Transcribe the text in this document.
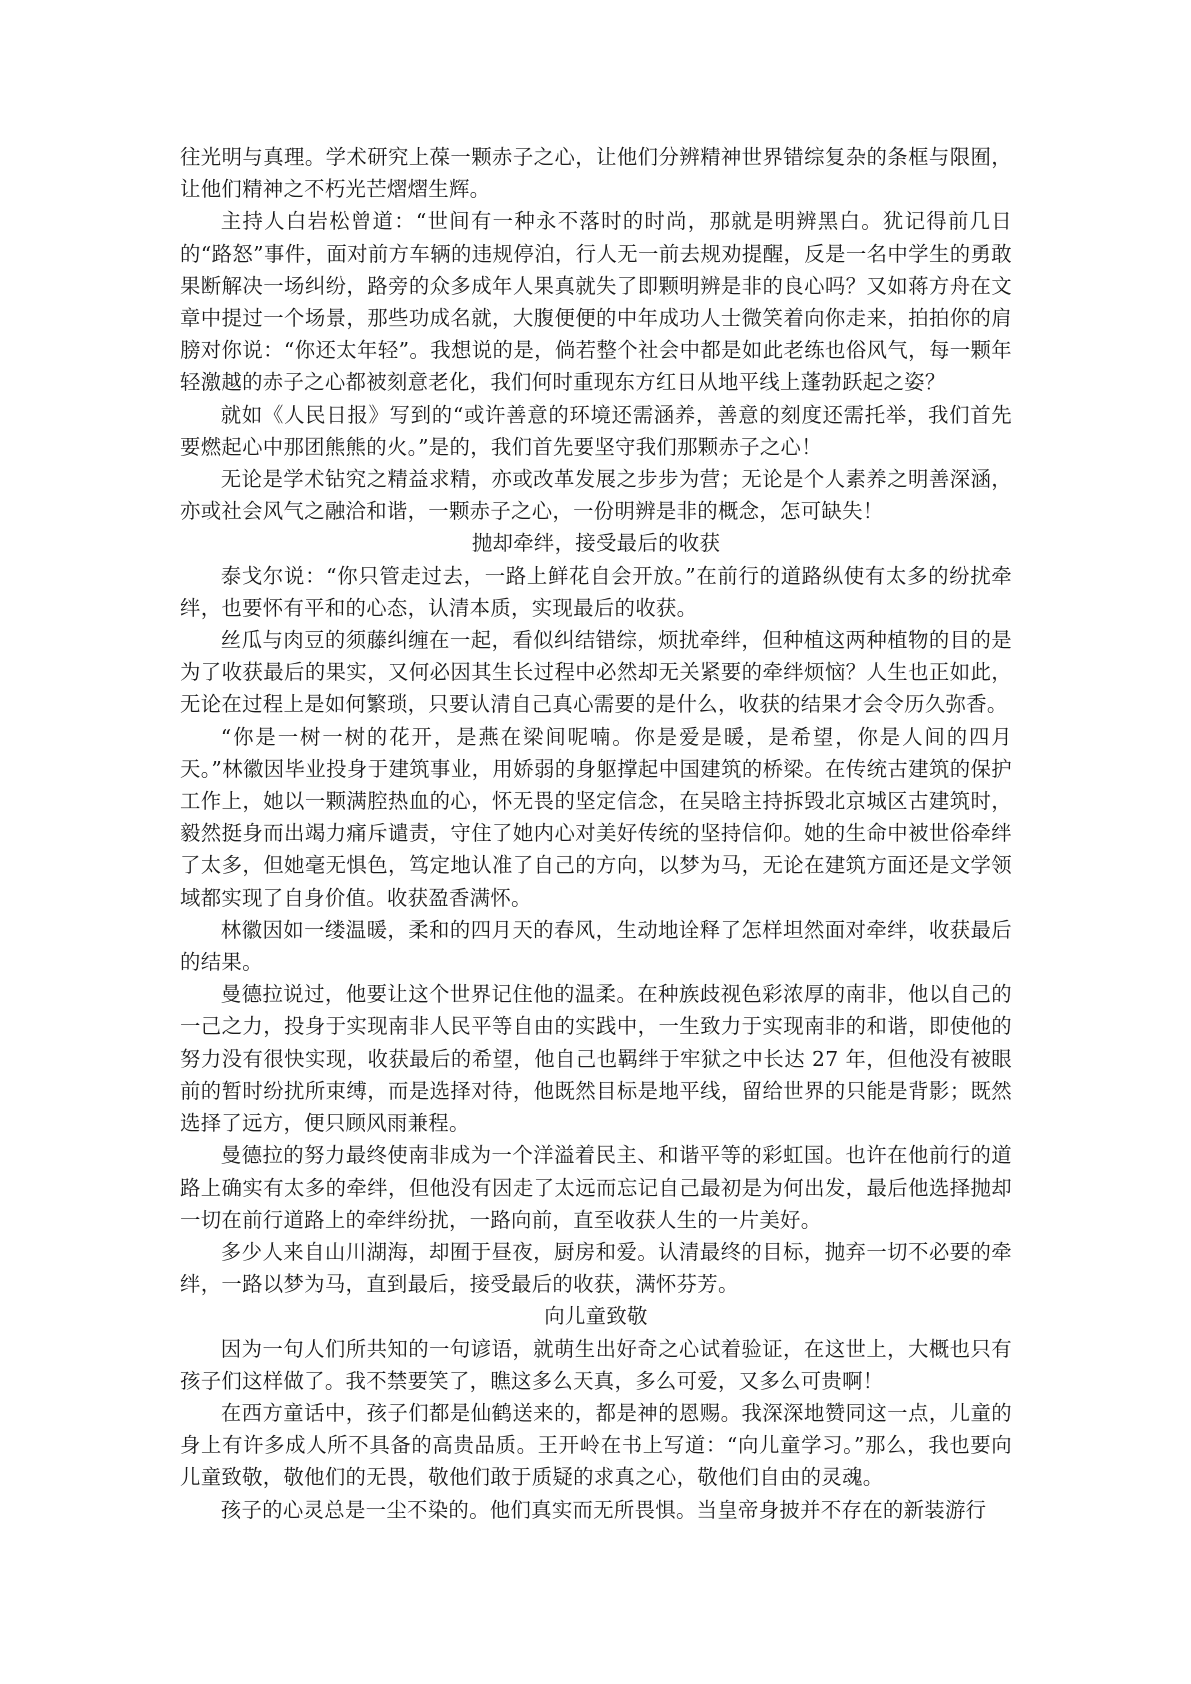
往光明与真理。学术研究上葆一颗赤子之心，让他们分辨精神世界错综复杂的条框与限囿，让他们精神之不朽光芒熠熠生辉。

主持人白岩松曾道：“世间有一种永不落时的时尚，那就是明辨黑白。犹记得前几日的“路怒”事件，面对前方车辆的违规停泊，行人无一前去规劝提醒，反是一名中学生的勇敢果断解决一场纠纷，路旁的众多成年人果真就失了即颗明辨是非的良心吗？又如蒋方舟在文章中提过一个场景，那些功成名就，大腹便便的中年成功人士微笑着向你走来，拍拍你的肩膀对你说：“你还太年轻”。我想说的是，倘若整个社会中都是如此老练也俗风气，每一颗年轻激越的赤子之心都被刻意老化，我们何时重现东方红日从地平线上蓬勃跃起之姿？

就如《人民日报》写到的“或许善意的环境还需涵养，善意的刻度还需托举，我们首先要燃起心中那团熊熊的火。”是的，我们首先要坚守我们那颗赤子之心！

无论是学术钻究之精益求精，亦或改革发展之步步为营；无论是个人素养之明善深涵，亦或社会风气之融洽和谐，一颗赤子之心，一份明辨是非的概念，怎可缺失！

抛却牵绊，接受最后的收获

泰戈尔说：“你只管走过去，一路上鲜花自会开放。”在前行的道路纵使有太多的纷扰牵绊，也要怀有平和的心态，认清本质，实现最后的收获。

丝瓜与肉豆的须藤纠缠在一起，看似纠结错综，烦扰牵绊，但种植这两种植物的目的是为了收获最后的果实，又何必因其生长过程中必然却无关紧要的牵绊烦恼？人生也正如此，无论在过程上是如何繁琐，只要认清自己真心需要的是什么，收获的结果才会令历久弥香。

“你是一树一树的花开，是燕在梁间呢喃。你是爱是暖，是希望，你是人间的四月天。”林徽因毕业投身于建筑事业，用娇弱的身躯撑起中国建筑的桥梁。在传统古建筑的保护工作上，她以一颗满腔热血的心，怀无畏的坚定信念，在吴晗主持拆毁北京城区古建筑时，毅然挺身而出竭力痛斥谴责，守住了她内心对美好传统的坚持信仰。她的生命中被世俗牵绊了太多，但她毫无惧色，笃定地认准了自己的方向，以梦为马，无论在建筑方面还是文学领域都实现了自身价值。收获盈香满怀。

林徽因如一缕温暖，柔和的四月天的春风，生动地诠释了怎样坦然面对牵绊，收获最后的结果。

曼德拉说过，他要让这个世界记住他的温柔。在种族歧视色彩浓厚的南非，他以自己的一己之力，投身于实现南非人民平等自由的实践中，一生致力于实现南非的和谐，即使他的努力没有很快实现，收获最后的希望，他自己也羁绊于牢狱之中长达 27 年，但他没有被眼前的暂时纷扰所束缚，而是选择对待，他既然目标是地平线，留给世界的只能是背影；既然选择了远方，便只顾风雨兼程。

曼德拉的努力最终使南非成为一个洋溢着民主、和谐平等的彩虹国。也许在他前行的道路上确实有太多的牵绊，但他没有因走了太远而忘记自己最初是为何出发，最后他选择抛却一切在前行道路上的牵绊纷扰，一路向前，直至收获人生的一片美好。

多少人来自山川湖海，却囿于昼夜，厨房和爱。认清最终的目标，抛弃一切不必要的牵绊，一路以梦为马，直到最后，接受最后的收获，满怀芬芳。

向儿童致敬

因为一句人们所共知的一句谚语，就萌生出好奇之心试着验证，在这世上，大概也只有孩子们这样做了。我不禁要笑了，瞧这多么天真，多么可爱，又多么可贵啊！

在西方童话中，孩子们都是仙鹤送来的，都是神的恩赐。我深深地赞同这一点，儿童的身上有许多成人所不具备的高贵品质。王开岭在书上写道：“向儿童学习。”那么，我也要向儿童致敬，敬他们的无畏，敬他们敢于质疑的求真之心，敬他们自由的灵魂。

孩子的心灵总是一尘不染的。他们真实而无所畏惧。当皇帝身披并不存在的新装游行
